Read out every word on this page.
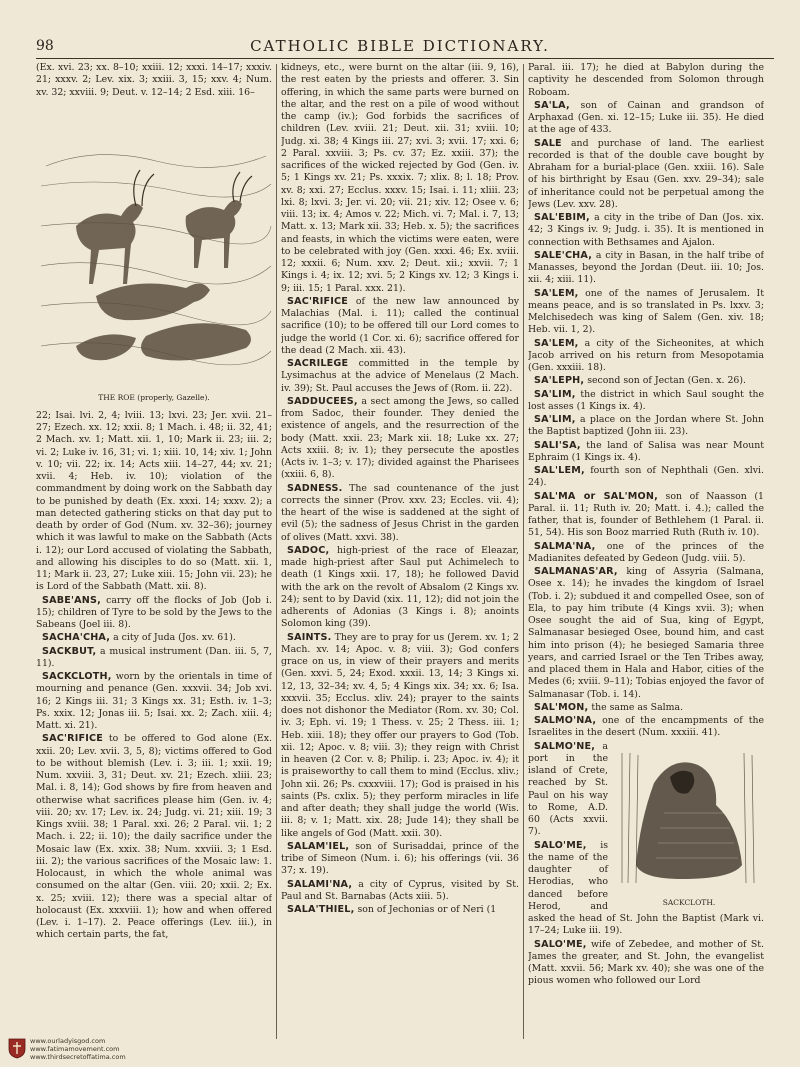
98	CATHOLIC BIBLE DICTIONARY.

(Ex. xvi. 23; xx. 8–10; xxiii. 12; xxxi. 14–17; xxxiv. 21; xxxv. 2; Lev. xix. 3; xxiii. 3, 15; xxv. 4; Num. xv. 32; xxviii. 9; Deut. v. 12–14; 2 Esd. xiii. 16–

THE ROE (properly, Gazelle).

22; Isai. lvi. 2, 4; lviii. 13; lxvi. 23; Jer. xvii. 21–27; Ezech. xx. 12; xxii. 8; 1 Mach. i. 48; ii. 32, 41; 2 Mach. xv. 1; Matt. xii. 1, 10; Mark ii. 23; iii. 2; vi. 2; Luke iv. 16, 31; vi. 1; xiii. 10, 14; xiv. 1; John v. 10; vii. 22; ix. 14; Acts xiii. 14–27, 44; xv. 21; xvii. 4; Heb. iv. 10); violation of the commandment by doing work on the Sabbath day to be punished by death (Ex. xxxi. 14; xxxv. 2); a man detected gathering sticks on that day put to death by order of God (Num. xv. 32–36); journey which it was lawful to make on the Sabbath (Acts i. 12); our Lord accused of violating the Sabbath, and allowing his disciples to do so (Matt. xii. 1, 11; Mark ii. 23, 27; Luke xiii. 15; John vii. 23); he is Lord of the Sabbath (Matt. xii. 8).

SABE'ANS, carry off the flocks of Job (Job i. 15); children of Tyre to be sold by the Jews to the Sabeans (Joel iii. 8).

SACHA'CHA, a city of Juda (Jos. xv. 61).

SACKBUT, a musical instrument (Dan. iii. 5, 7, 11).

SACKCLOTH, worn by the orientals in time of mourning and penance (Gen. xxxvii. 34; Job xvi. 16; 2 Kings iii. 31; 3 Kings xx. 31; Esth. iv. 1–3; Ps. xxix. 12; Jonas iii. 5; Isai. xx. 2; Zach. xiii. 4; Matt. xi. 21).

SAC'RIFICE to be offered to God alone (Ex. xxii. 20; Lev. xvii. 3, 5, 8); victims offered to God to be without blemish (Lev. i. 3; iii. 1; xxii. 19; Num. xxviii. 3, 31; Deut. xv. 21; Ezech. xliii. 23; Mal. i. 8, 14); God shows by fire from heaven and otherwise what sacrifices please him (Gen. iv. 4; viii. 20; xv. 17; Lev. ix. 24; Judg. vi. 21; xiii. 19; 3 Kings xviii. 38; 1 Paral. xxi. 26; 2 Paral. vii. 1; 2 Mach. i. 22; ii. 10); the daily sacrifice under the Mosaic law (Ex. xxix. 38; Num. xxviii. 3; 1 Esd. iii. 2); the various sacrifices of the Mosaic law: 1. Holocaust, in which the whole animal was consumed on the altar (Gen. viii. 20; xxii. 2; Ex. x. 25; xviii. 12); there was a special altar of holocaust (Ex. xxxviii. 1); how and when offered (Lev. i. 1–17). 2. Peace offerings (Lev. iii.), in which certain parts, the fat,

kidneys, etc., were burnt on the altar (iii. 9, 16), the rest eaten by the priests and offerer. 3. Sin offering, in which the same parts were burned on the altar, and the rest on a pile of wood without the camp (iv.); God forbids the sacrifices of children (Lev. xviii. 21; Deut. xii. 31; xviii. 10; Judg. xi. 38; 4 Kings iii. 27; xvi. 3; xvii. 17; xxi. 6; 2 Paral. xxviii. 3; Ps. cv. 37; Ez. xxiii. 37); the sacrifices of the wicked rejected by God (Gen. iv. 5; 1 Kings xv. 21; Ps. xxxix. 7; xlix. 8; l. 18; Prov. xv. 8; xxi. 27; Ecclus. xxxv. 15; Isai. i. 11; xliii. 23; lxi. 8; lxvi. 3; Jer. vi. 20; vii. 21; xiv. 12; Osee v. 6; viii. 13; ix. 4; Amos v. 22; Mich. vi. 7; Mal. i. 7, 13; Matt. x. 13; Mark xii. 33; Heb. x. 5); the sacrifices and feasts, in which the victims were eaten, were to be celebrated with joy (Gen. xxxi. 46; Ex. xviii. 12; xxxii. 6; Num. xxv. 2; Deut. xii.; xxvii. 7; 1 Kings i. 4; ix. 12; xvi. 5; 2 Kings xv. 12; 3 Kings i. 9; iii. 15; 1 Paral. xxx. 21).

SAC'RIFICE of the new law announced by Malachias (Mal. i. 11); called the continual sacrifice (10); to be offered till our Lord comes to judge the world (1 Cor. xi. 6); sacrifice offered for the dead (2 Mach. xii. 43).

SACRILEGE committed in the temple by Lysimachus at the advice of Menelaus (2 Mach. iv. 39); St. Paul accuses the Jews of (Rom. ii. 22).

SADDUCEES, a sect among the Jews, so called from Sadoc, their founder. They denied the existence of angels, and the resurrection of the body (Matt. xxii. 23; Mark xii. 18; Luke xx. 27; Acts xxiii. 8; iv. 1); they persecute the apostles (Acts iv. 1–3; v. 17); divided against the Pharisees (xxiii. 6, 8).

SADNESS. The sad countenance of the just corrects the sinner (Prov. xxv. 23; Eccles. vii. 4); the heart of the wise is saddened at the sight of evil (5); the sadness of Jesus Christ in the garden of olives (Matt. xxvi. 38).

SADOC, high-priest of the race of Eleazar, made high-priest after Saul put Achimelech to death (1 Kings xxii. 17, 18); he followed David with the ark on the revolt of Absalom (2 Kings xv. 24); sent to by David (xix. 11, 12); did not join the adherents of Adonias (3 Kings i. 8); anoints Solomon king (39).

SAINTS. They are to pray for us (Jerem. xv. 1; 2 Mach. xv. 14; Apoc. v. 8; viii. 3); God confers grace on us, in view of their prayers and merits (Gen. xxvi. 5, 24; Exod. xxxii. 13, 14; 3 Kings xi. 12, 13, 32–34; xv. 4, 5; 4 Kings xix. 34; xx. 6; Isa. xxxvii. 35; Ecclus. xliv. 24); prayer to the saints does not dishonor the Mediator (Rom. xv. 30; Col. iv. 3; Eph. vi. 19; 1 Thess. v. 25; 2 Thess. iii. 1; Heb. xiii. 18); they offer our prayers to God (Tob. xii. 12; Apoc. v. 8; viii. 3); they reign with Christ in heaven (2 Cor. v. 8; Philip. i. 23; Apoc. iv. 4); it is praiseworthy to call them to mind (Ecclus. xliv.; John xii. 26; Ps. cxxxviii. 17); God is praised in his saints (Ps. cxlix. 5); they perform miracles in life and after death; they shall judge the world (Wis. iii. 8; v. 1; Matt. xix. 28; Jude 14); they shall be like angels of God (Matt. xxii. 30).

SALAM'IEL, son of Surisaddai, prince of the tribe of Simeon (Num. i. 6); his offerings (vii. 36 37; x. 19).

SALAMI'NA, a city of Cyprus, visited by St. Paul and St. Barnabas (Acts xiii. 5).

SALA'THIEL, son of Jechonias or of Neri (1

Paral. iii. 17); he died at Babylon during the captivity he descended from Solomon through Roboam.

SA'LA, son of Cainan and grandson of Arphaxad (Gen. xi. 12–15; Luke iii. 35). He died at the age of 433.

SALE and purchase of land. The earliest recorded is that of the double cave bought by Abraham for a burial-place (Gen. xxiii. 16). Sale of his birthright by Esau (Gen. xxv. 29–34); sale of inheritance could not be perpetual among the Jews (Lev. xxv. 28).

SAL'EBIM, a city in the tribe of Dan (Jos. xix. 42; 3 Kings iv. 9; Judg. i. 35). It is mentioned in connection with Bethsames and Ajalon.

SALE'CHA, a city in Basan, in the half tribe of Manasses, beyond the Jordan (Deut. iii. 10; Jos. xii. 4; xiii. 11).

SA'LEM, one of the names of Jerusalem. It means peace, and is so translated in Ps. lxxv. 3; Melchisedech was king of Salem (Gen. xiv. 18; Heb. vii. 1, 2).

SA'LEM, a city of the Sicheonites, at which Jacob arrived on his return from Mesopotamia (Gen. xxxiii. 18).

SA'LEPH, second son of Jectan (Gen. x. 26).

SA'LIM, the district in which Saul sought the lost asses (1 Kings ix. 4).

SA'LIM, a place on the Jordan where St. John the Baptist baptized (John iii. 23).

SALI'SA, the land of Salisa was near Mount Ephraim (1 Kings ix. 4).

SAL'LEM, fourth son of Nephthali (Gen. xlvi. 24).

SAL'MA or SAL'MON, son of Naasson (1 Paral. ii. 11; Ruth iv. 20; Matt. i. 4.); called the father, that is, founder of Bethlehem (1 Paral. ii. 51, 54). His son Booz married Ruth (Ruth iv. 10).

SALMA'NA, one of the princes of the Madianites defeated by Gedeon (Judg. viii. 5).

SALMANAS'AR, king of Assyria (Salmana, Osee x. 14); he invades the kingdom of Israel (Tob. i. 2); subdued it and compelled Osee, son of Ela, to pay him tribute (4 Kings xvii. 3); when Osee sought the aid of Sua, king of Egypt, Salmanasar besieged Osee, bound him, and cast him into prison (4); he besieged Samaria three years, and carried Israel or the Ten Tribes away, and placed them in Hala and Habor, cities of the Medes (6; xviii. 9–11); Tobias enjoyed the favor of Salmanasar (Tob. i. 14).

SAL'MON, the same as Salma.

SALMO'NA, one of the encampments of the Israelites in the desert (Num. xxxiii. 41).

SACKCLOTH.

SALMO'NE, a port in the island of Crete, reached by St. Paul on his way to Rome, A.D. 60 (Acts xxvii. 7).

SALO'ME, is the name of the daughter of Herodias, who danced before Herod, and asked the head of St. John the Baptist (Mark vi. 17–24; Luke iii. 19).

SALO'ME, wife of Zebedee, and mother of St. James the greater, and St. John, the evangelist (Matt. xxvii. 56; Mark xv. 40); she was one of the pious women who followed our Lord

www.ourladyisgod.com
www.fatimamovement.com
www.thirdsecretoffatima.com
